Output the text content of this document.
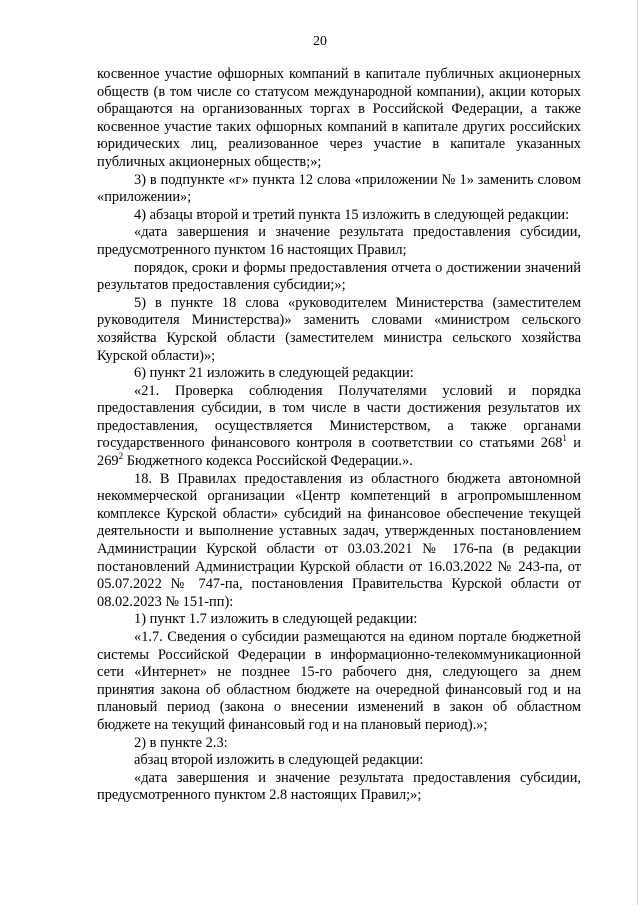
20

косвенное участие офшорных компаний в капитале публичных акционерных обществ (в том числе со статусом международной компании), акции которых обращаются на организованных торгах в Российской Федерации, а также косвенное участие таких офшорных компаний в капитале других российских юридических лиц, реализованное через участие в капитале указанных публичных акционерных обществ;»;

3) в подпункте «г» пункта 12 слова «приложении № 1» заменить словом «приложении»;

4) абзацы второй и третий пункта 15 изложить в следующей редакции:

«дата завершения и значение результата предоставления субсидии, предусмотренного пунктом 16 настоящих Правил;

порядок, сроки и формы предоставления отчета о достижении значений результатов предоставления субсидии;»;

5) в пункте 18 слова «руководителем Министерства (заместителем руководителя Министерства)» заменить словами «министром сельского хозяйства Курской области (заместителем министра сельского хозяйства Курской области)»;

6) пункт 21 изложить в следующей редакции:

«21. Проверка соблюдения Получателями условий и порядка предоставления субсидии, в том числе в части достижения результатов их предоставления, осуществляется Министерством, а также органами государственного финансового контроля в соответствии со статьями $268^1$ и $269^2$ Бюджетного кодекса Российской Федерации.».

18. В Правилах предоставления из областного бюджета автономной некоммерческой организации «Центр компетенций в агропромышленном комплексе Курской области» субсидий на финансовое обеспечение текущей деятельности и выполнение уставных задач, утвержденных постановлением Администрации Курской области от 03.03.2021 № 176-па (в редакции постановлений Администрации Курской области от 16.03.2022 № 243-па, от 05.07.2022 № 747-па, постановления Правительства Курской области от 08.02.2023 № 151-пп):

1) пункт 1.7 изложить в следующей редакции:

«1.7. Сведения о субсидии размещаются на едином портале бюджетной системы Российской Федерации в информационно-телекоммуникационной сети «Интернет» не позднее 15-го рабочего дня, следующего за днем принятия закона об областном бюджете на очередной финансовый год и на плановый период (закона о внесении изменений в закон об областном бюджете на текущий финансовый год и на плановый период).»;

2) в пункте 2.3:

абзац второй изложить в следующей редакции:

«дата завершения и значение результата предоставления субсидии, предусмотренного пунктом 2.8 настоящих Правил;»;
